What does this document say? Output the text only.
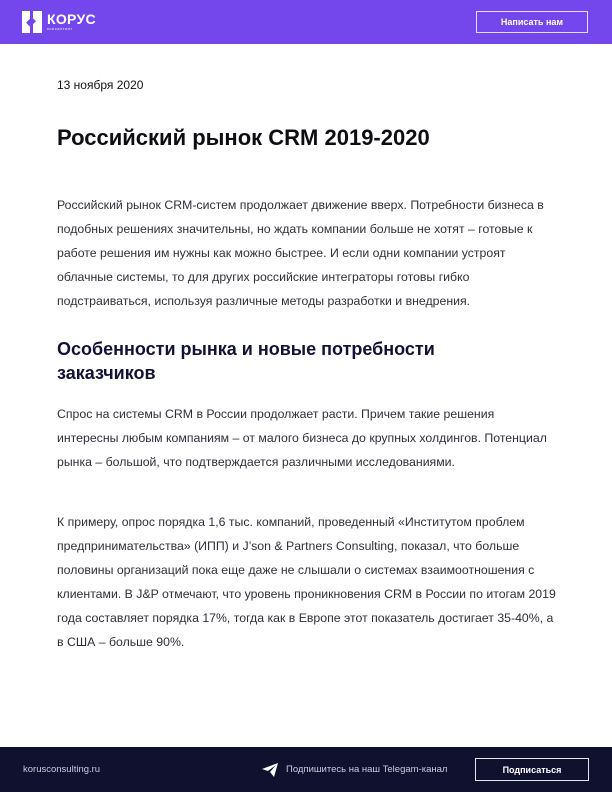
КОРУС
консалтинг
Написать нам
13 ноября 2020
Российский рынок CRM 2019-2020

Российский рынок CRM-систем продолжает движение вверх. Потребности бизнеса в подобных решениях значительны, но ждать компании больше не хотят – готовые к работе решения им нужны как можно быстрее. И если одни компании устроят облачные системы, то для других российские интеграторы готовы гибко подстраиваться, используя различные методы разработки и внедрения.

Особенности рынка и новые потребности заказчиков

Спрос на системы CRM в России продолжает расти. Причем такие решения интересны любым компаниям – от малого бизнеса до крупных холдингов. Потенциал рынка – большой, что подтверждается различными исследованиями.

К примеру, опрос порядка 1,6 тыс. компаний, проведенный «Институтом проблем предпринимательства» (ИПП) и J’son & Partners Consulting, показал, что больше половины организаций пока еще даже не слышали о системах взаимоотношения с клиентами. В J&P отмечают, что уровень проникновения CRM в России по итогам 2019 года составляет порядка 17%, тогда как в Европе этот показатель достигает 35-40%, а в США – больше 90%.

korusconsulting.ru	Подпишитесь на наш Telegam-канал	Подписаться
